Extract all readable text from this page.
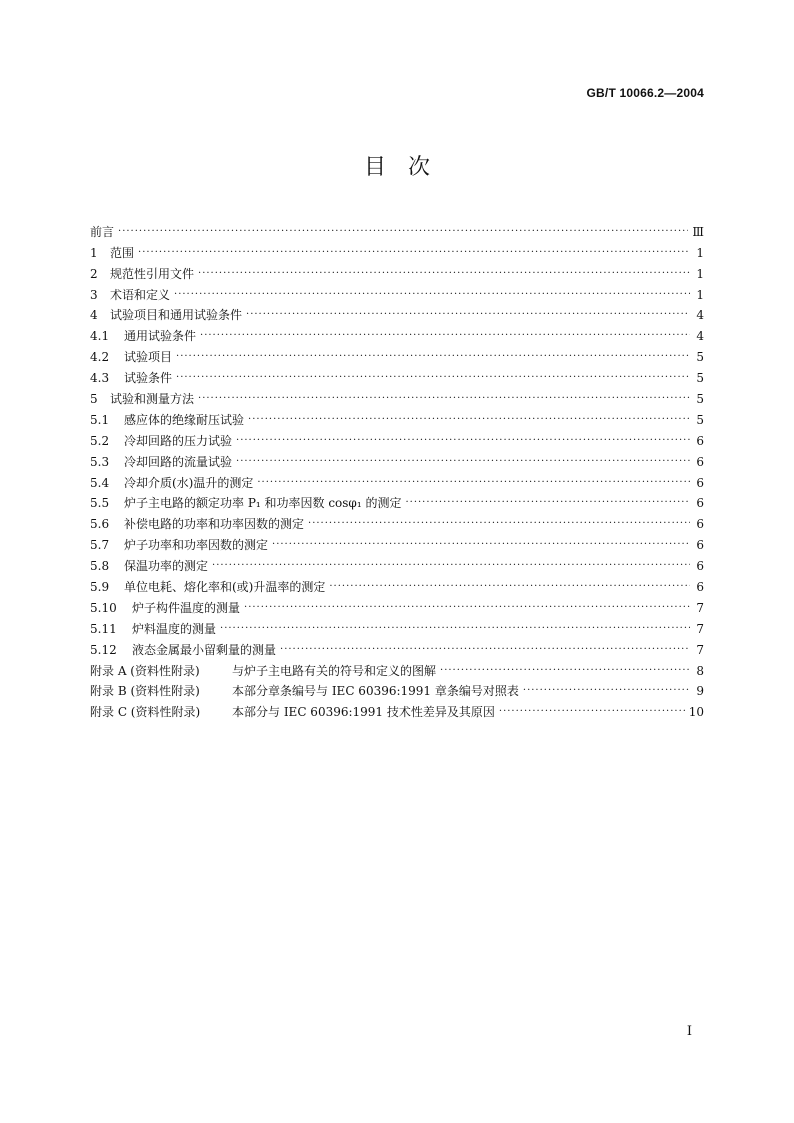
GB/T 10066.2—2004
目　次
前言 ·····	Ⅲ
1 范围 ·····	1
2 规范性引用文件 ·····	1
3 术语和定义 ·····	1
4 试验项目和通用试验条件 ·····	4
4.1 通用试验条件 ·····	4
4.2 试验项目 ·····	5
4.3 试验条件 ·····	5
5 试验和测量方法 ·····	5
5.1 感应体的绝缘耐压试验 ·····	5
5.2 冷却回路的压力试验 ·····	6
5.3 冷却回路的流量试验 ·····	6
5.4 冷却介质(水)温升的测定 ·····	6
5.5 炉子主电路的额定功率 P₁ 和功率因数 cosφ₁ 的测定 ·····	6
5.6 补偿电路的功率和功率因数的测定 ·····	6
5.7 炉子功率和功率因数的测定 ·····	6
5.8 保温功率的测定 ·····	6
5.9 单位电耗、熔化率和(或)升温率的测定 ·····	6
5.10 炉子构件温度的测量 ·····	7
5.11 炉料温度的测量 ·····	7
5.12 液态金属最小留剩量的测量 ·····	7
附录 A (资料性附录)	与炉子主电路有关的符号和定义的图解 ·····	8
附录 B (资料性附录)	本部分章条编号与 IEC 60396:1991 章条编号对照表 ·····	9
附录 C (资料性附录)	本部分与 IEC 60396:1991 技术性差异及其原因 ·····	10
I
